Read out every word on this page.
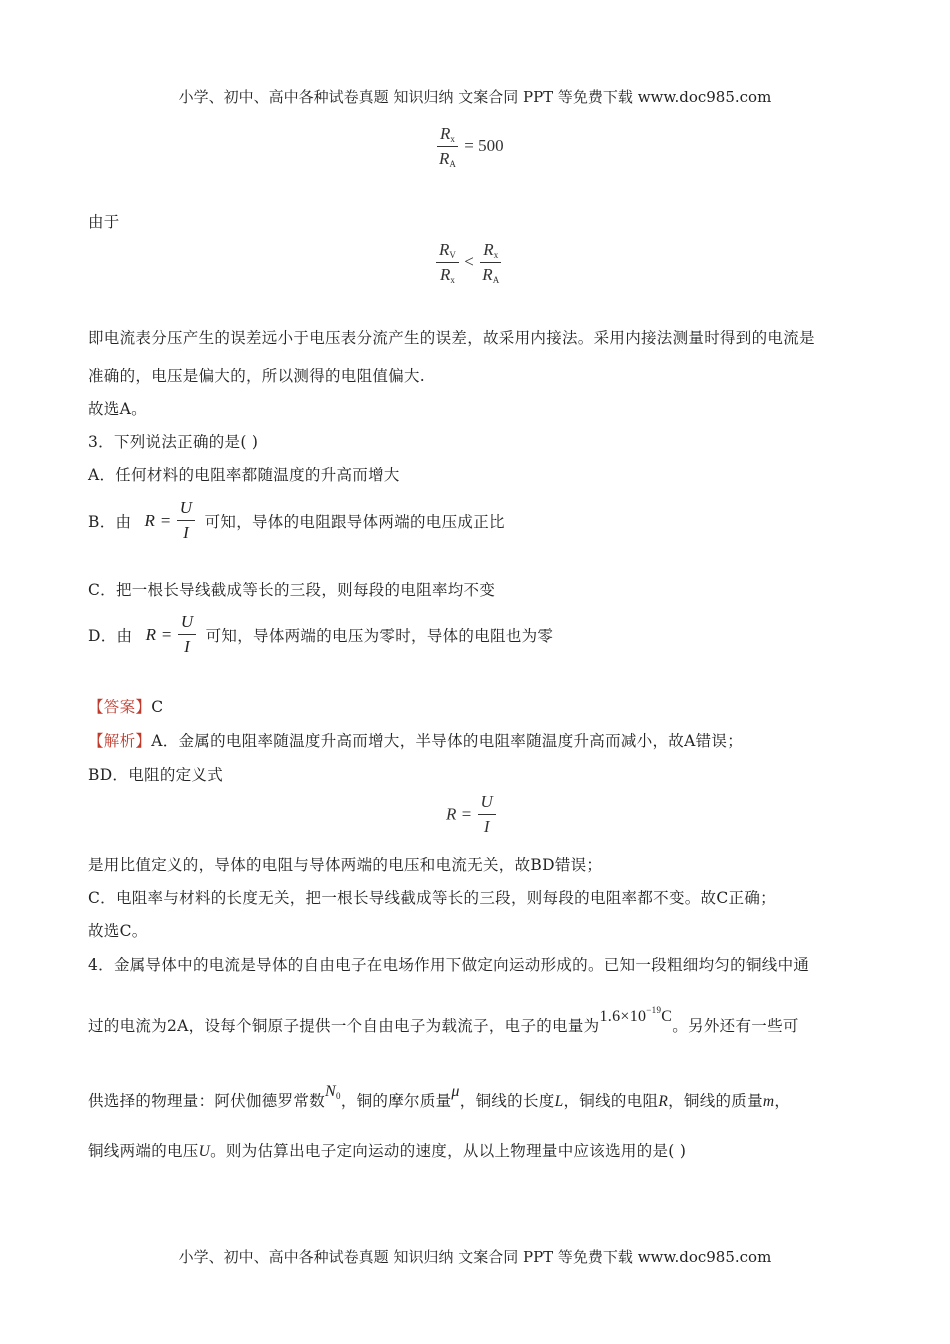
小学、初中、高中各种试卷真题 知识归纳 文案合同 PPT 等免费下载 www.doc985.com
$\frac{R_x}{R_A} = 500$
由于
$\frac{R_V}{R_x} < \frac{R_x}{R_A}$
即电流表分压产生的误差远小于电压表分流产生的误差，故采用内接法。采用内接法测量时得到的电流是
准确的，电压是偏大的，所以测得的电阻值偏大.
故选A。
3．下列说法正确的是( )
A．任何材料的电阻率都随温度的升高而增大
B．由 $R = \frac{U}{I}$ 可知，导体的电阻跟导体两端的电压成正比
C．把一根长导线截成等长的三段，则每段的电阻率均不变
D．由 $R = \frac{U}{I}$ 可知，导体两端的电压为零时，导体的电阻也为零
【答案】C
【解析】A．金属的电阻率随温度升高而增大，半导体的电阻率随温度升高而减小，故A错误；
BD．电阻的定义式
$R = \frac{U}{I}$
是用比值定义的，导体的电阻与导体两端的电压和电流无关，故BD错误；
C．电阻率与材料的长度无关，把一根长导线截成等长的三段，则每段的电阻率都不变。故C正确；
故选C。
4．金属导体中的电流是导体的自由电子在电场作用下做定向运动形成的。已知一段粗细均匀的铜线中通
过的电流为2A，设每个铜原子提供一个自由电子为载流子，电子的电量为$1.6\times 10^{-19}C$。另外还有一些可
供选择的物理量：阿伏伽德罗常数$N_0$，铜的摩尔质量μ，铜线的长度L，铜线的电阻R，铜线的质量m，
铜线两端的电压U。则为估算出电子定向运动的速度，从以上物理量中应该选用的是( )
小学、初中、高中各种试卷真题 知识归纳 文案合同 PPT 等免费下载 www.doc985.com
